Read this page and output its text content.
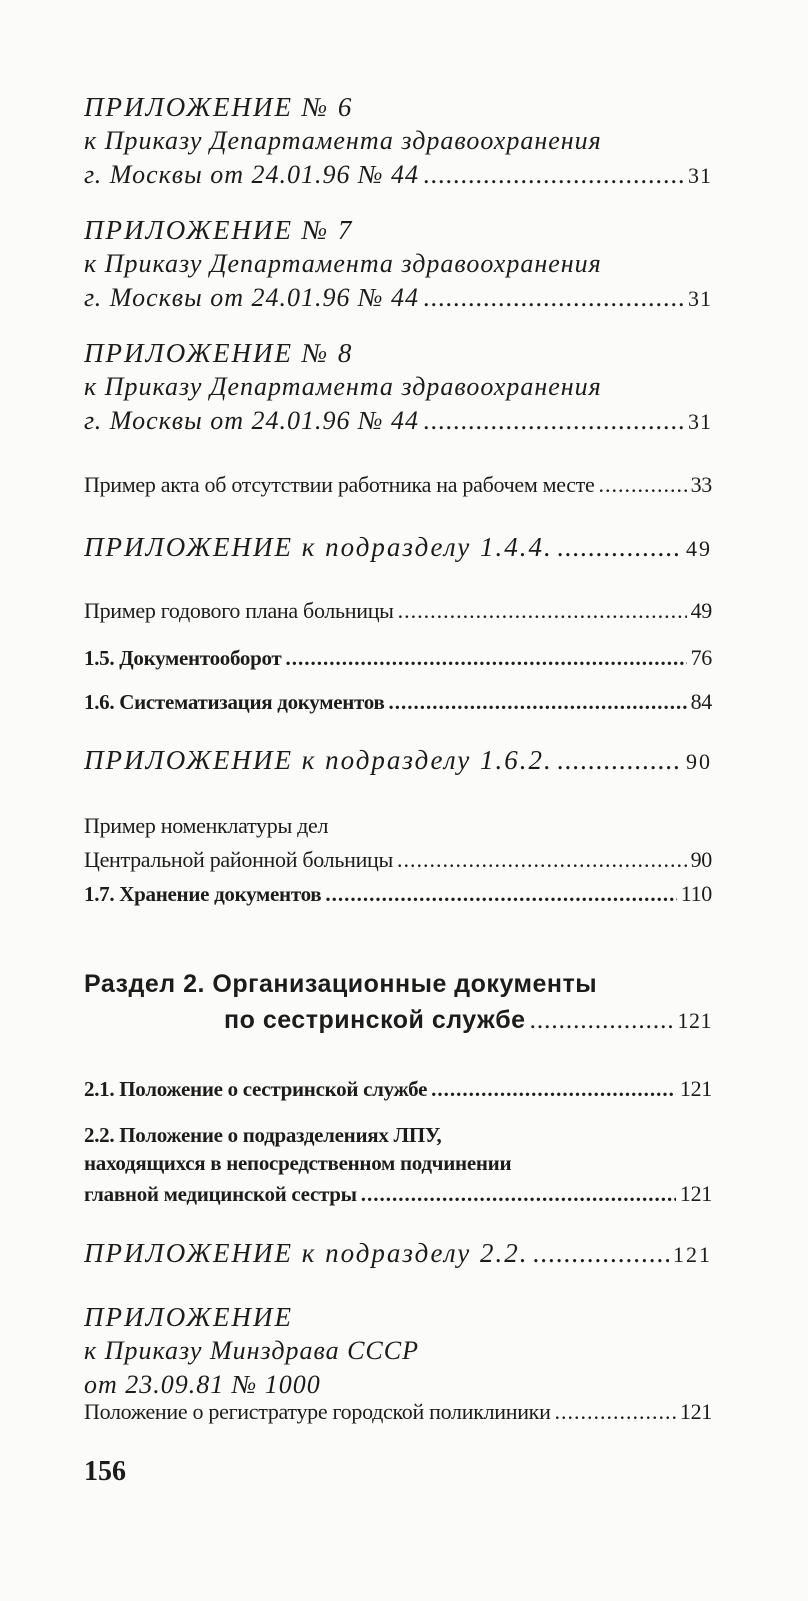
ПРИЛОЖЕНИЕ № 6
к Приказу Департамента здравоохранения
г. Москвы от 24.01.96 № 44 .....	31
ПРИЛОЖЕНИЕ № 7
к Приказу Департамента здравоохранения
г. Москвы от 24.01.96 № 44 .....	31
ПРИЛОЖЕНИЕ № 8
к Приказу Департамента здравоохранения
г. Москвы от 24.01.96 № 44 .....	31
Пример акта об отсутствии работника на рабочем месте .....	33
ПРИЛОЖЕНИЕ к подразделу 1.4.4. .....	49
Пример годового плана больницы .....	49
1.5. Документооборот .....	76
1.6. Систематизация документов .....	84
ПРИЛОЖЕНИЕ к подразделу 1.6.2. .....	90
Пример номенклатуры дел
Центральной районной больницы .....	90
1.7. Хранение документов .....	110
Раздел 2. Организационные документы
по сестринской службе .....	121
2.1. Положение о сестринской службе .....	121
2.2. Положение о подразделениях ЛПУ,
находящихся в непосредственном подчинении
главной медицинской сестры .....	121
ПРИЛОЖЕНИЕ к подразделу 2.2. .....	121
ПРИЛОЖЕНИЕ
к Приказу Минздрава СССР
от 23.09.81 № 1000
Положение о регистратуре городской поликлиники .....	121
156
